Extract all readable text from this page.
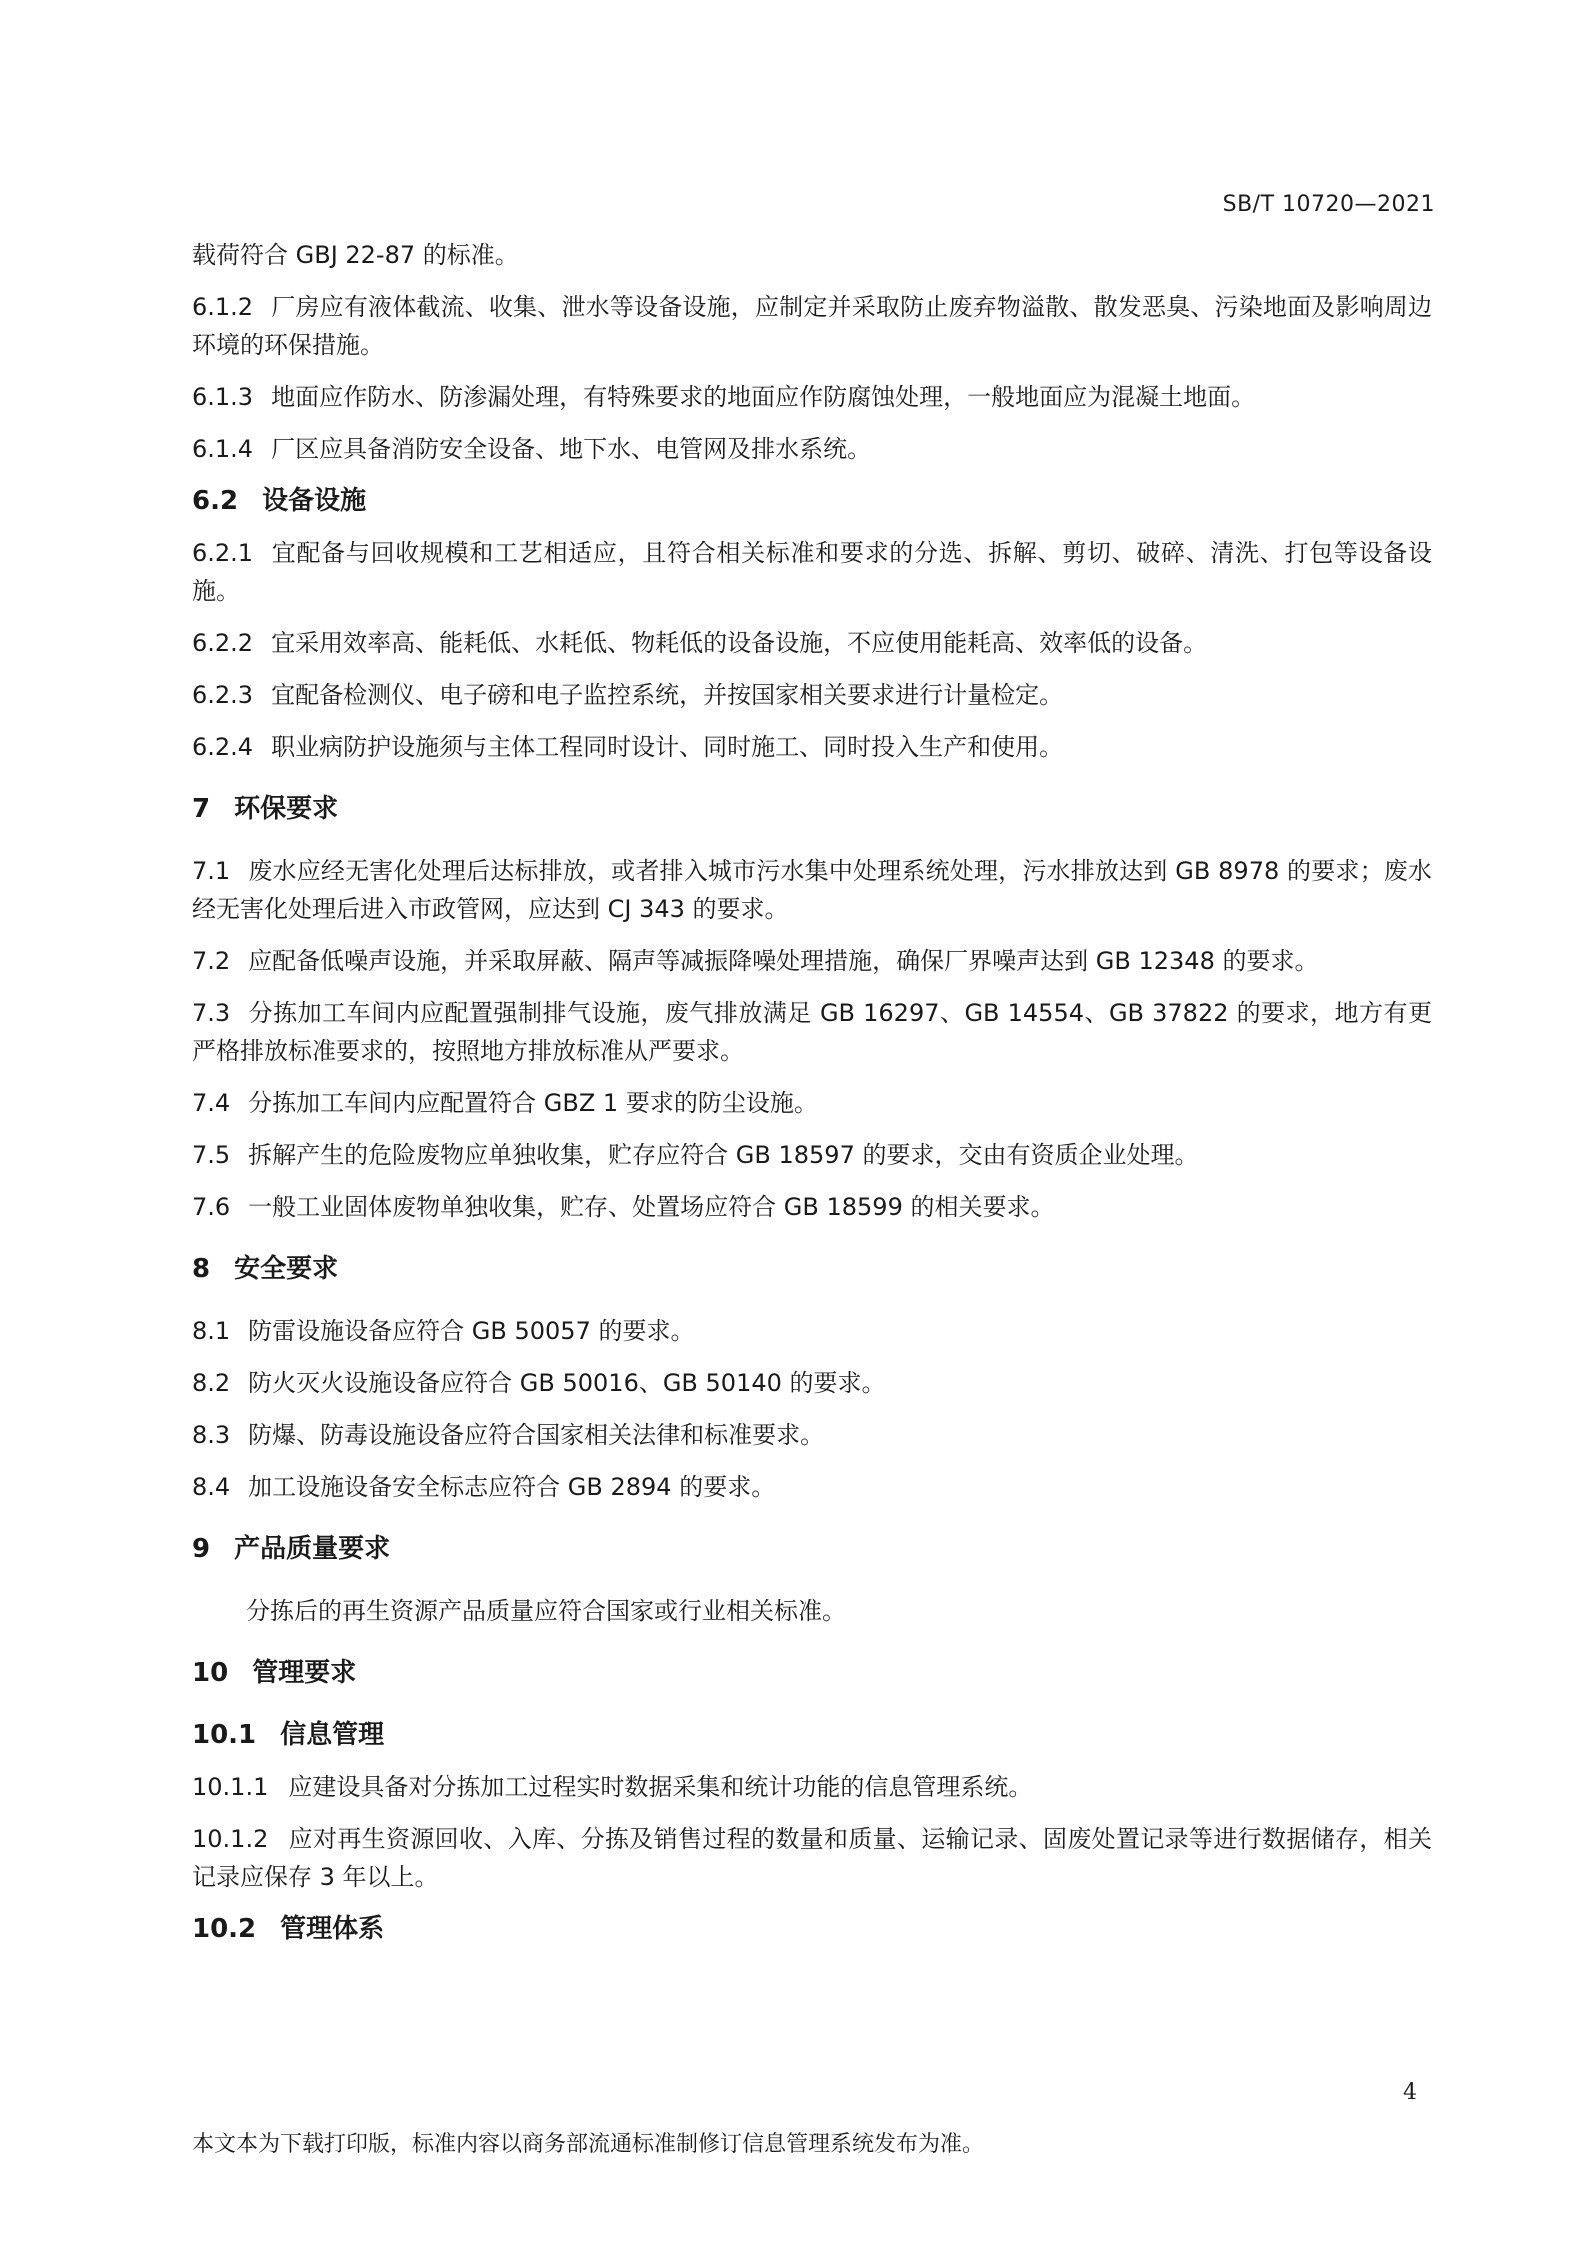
SB/T 10720—2021
载荷符合 GBJ 22-87 的标准。
6.1.2 厂房应有液体截流、收集、泄水等设备设施，应制定并采取防止废弃物溢散、散发恶臭、污染地面及影响周边环境的环保措施。
6.1.3 地面应作防水、防渗漏处理，有特殊要求的地面应作防腐蚀处理，一般地面应为混凝土地面。
6.1.4 厂区应具备消防安全设备、地下水、电管网及排水系统。
6.2 设备设施
6.2.1 宜配备与回收规模和工艺相适应，且符合相关标准和要求的分选、拆解、剪切、破碎、清洗、打包等设备设施。
6.2.2 宜采用效率高、能耗低、水耗低、物耗低的设备设施，不应使用能耗高、效率低的设备。
6.2.3 宜配备检测仪、电子磅和电子监控系统，并按国家相关要求进行计量检定。
6.2.4 职业病防护设施须与主体工程同时设计、同时施工、同时投入生产和使用。
7 环保要求
7.1 废水应经无害化处理后达标排放，或者排入城市污水集中处理系统处理，污水排放达到 GB 8978 的要求；废水经无害化处理后进入市政管网，应达到 CJ 343 的要求。
7.2 应配备低噪声设施，并采取屏蔽、隔声等减振降噪处理措施，确保厂界噪声达到 GB 12348 的要求。
7.3 分拣加工车间内应配置强制排气设施，废气排放满足 GB 16297、GB 14554、GB 37822 的要求，地方有更严格排放标准要求的，按照地方排放标准从严要求。
7.4 分拣加工车间内应配置符合 GBZ 1 要求的防尘设施。
7.5 拆解产生的危险废物应单独收集，贮存应符合 GB 18597 的要求，交由有资质企业处理。
7.6 一般工业固体废物单独收集，贮存、处置场应符合 GB 18599 的相关要求。
8 安全要求
8.1 防雷设施设备应符合 GB 50057 的要求。
8.2 防火灭火设施设备应符合 GB 50016、GB 50140 的要求。
8.3 防爆、防毒设施设备应符合国家相关法律和标准要求。
8.4 加工设施设备安全标志应符合 GB 2894 的要求。
9 产品质量要求
分拣后的再生资源产品质量应符合国家或行业相关标准。
10 管理要求
10.1 信息管理
10.1.1 应建设具备对分拣加工过程实时数据采集和统计功能的信息管理系统。
10.1.2 应对再生资源回收、入库、分拣及销售过程的数量和质量、运输记录、固废处置记录等进行数据储存，相关记录应保存 3 年以上。
10.2 管理体系
4
本文本为下载打印版，标准内容以商务部流通标准制修订信息管理系统发布为准。
